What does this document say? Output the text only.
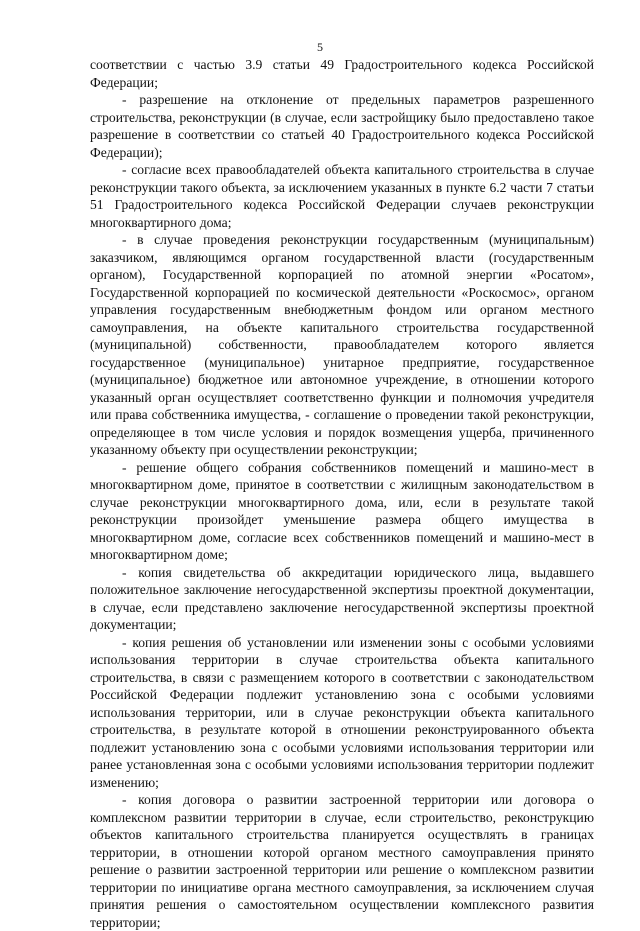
5

соответствии с частью 3.9 статьи 49 Градостроительного кодекса Российской Федерации;

- разрешение на отклонение от предельных параметров разрешенного строительства, реконструкции (в случае, если застройщику было предоставлено такое разрешение в соответствии со статьей 40 Градостроительного кодекса Российской Федерации);

- согласие всех правообладателей объекта капитального строительства в случае реконструкции такого объекта, за исключением указанных в пункте 6.2 части 7 статьи 51 Градостроительного кодекса Российской Федерации случаев реконструкции многоквартирного дома;

- в случае проведения реконструкции государственным (муниципальным) заказчиком, являющимся органом государственной власти (государственным органом), Государственной корпорацией по атомной энергии «Росатом», Государственной корпорацией по космической деятельности «Роскосмос», органом управления государственным внебюджетным фондом или органом местного самоуправления, на объекте капитального строительства государственной (муниципальной) собственности, правообладателем которого является государственное (муниципальное) унитарное предприятие, государственное (муниципальное) бюджетное или автономное учреждение, в отношении которого указанный орган осуществляет соответственно функции и полномочия учредителя или права собственника имущества, - соглашение о проведении такой реконструкции, определяющее в том числе условия и порядок возмещения ущерба, причиненного указанному объекту при осуществлении реконструкции;

- решение общего собрания собственников помещений и машино-мест в многоквартирном доме, принятое в соответствии с жилищным законодательством в случае реконструкции многоквартирного дома, или, если в результате такой реконструкции произойдет уменьшение размера общего имущества в многоквартирном доме, согласие всех собственников помещений и машино-мест в многоквартирном доме;

- копия свидетельства об аккредитации юридического лица, выдавшего положительное заключение негосударственной экспертизы проектной документации, в случае, если представлено заключение негосударственной экспертизы проектной документации;

- копия решения об установлении или изменении зоны с особыми условиями использования территории в случае строительства объекта капитального строительства, в связи с размещением которого в соответствии с законодательством Российской Федерации подлежит установлению зона с особыми условиями использования территории, или в случае реконструкции объекта капитального строительства, в результате которой в отношении реконструированного объекта подлежит установлению зона с особыми условиями использования территории или ранее установленная зона с особыми условиями использования территории подлежит изменению;

- копия договора о развитии застроенной территории или договора о комплексном развитии территории в случае, если строительство, реконструкцию объектов капитального строительства планируется осуществлять в границах территории, в отношении которой органом местного самоуправления принято решение о развитии застроенной территории или решение о комплексном развитии территории по инициативе органа местного самоуправления, за исключением случая принятия решения о самостоятельном осуществлении комплексного развития территории;
